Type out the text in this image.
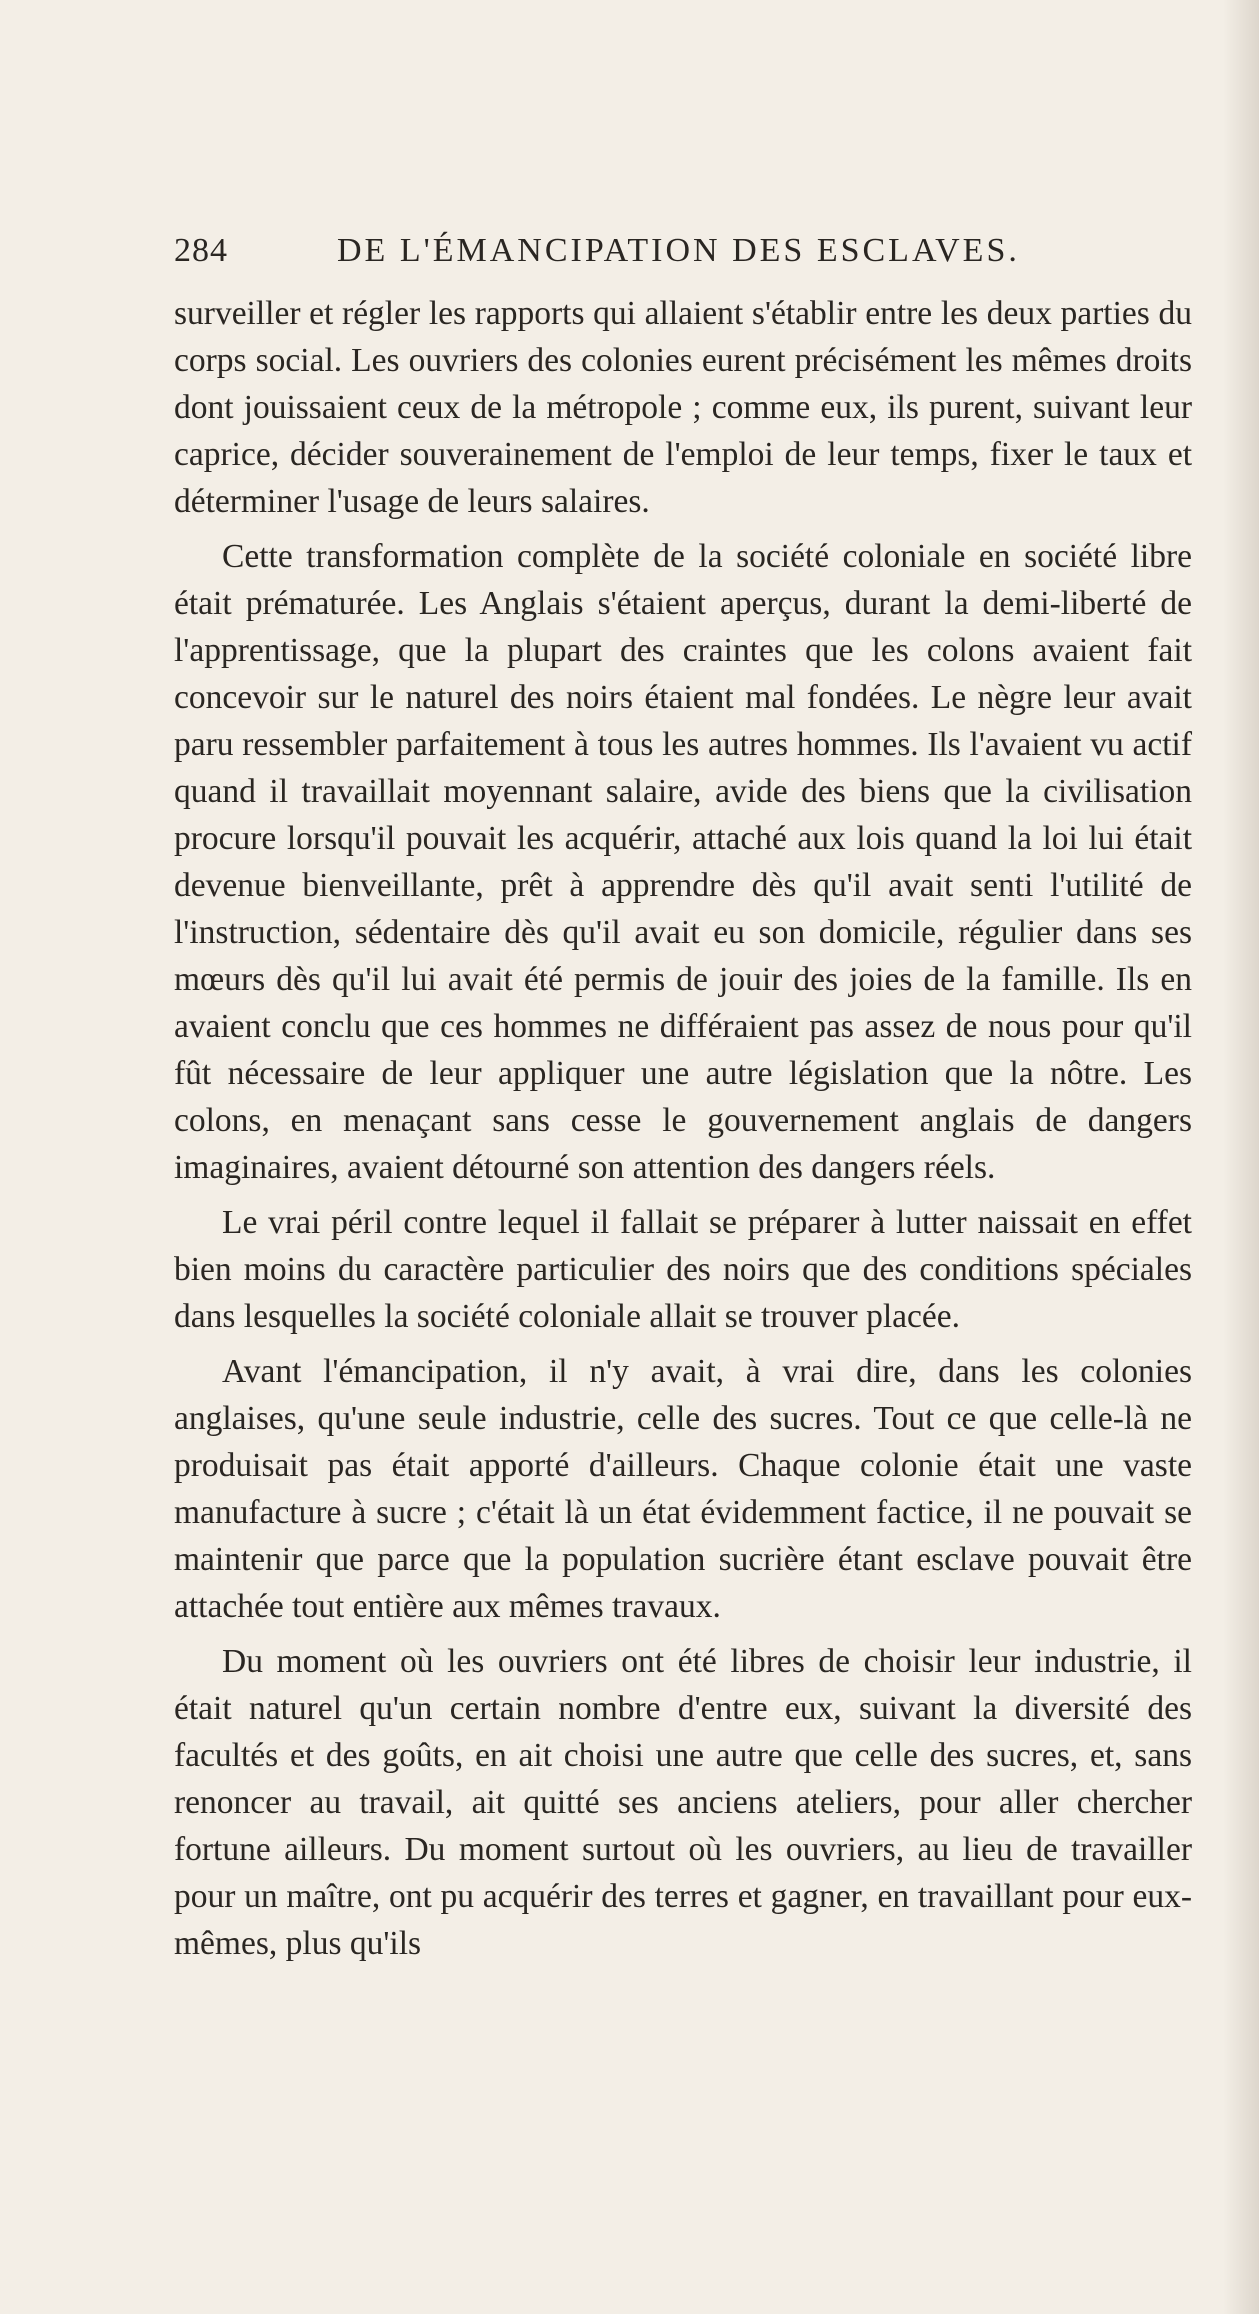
284	DE L'ÉMANCIPATION DES ESCLAVES.

surveiller et régler les rapports qui allaient s'établir entre les deux parties du corps social. Les ouvriers des colonies eurent précisément les mêmes droits dont jouissaient ceux de la métropole ; comme eux, ils purent, suivant leur caprice, décider souverainement de l'emploi de leur temps, fixer le taux et déterminer l'usage de leurs salaires.

Cette transformation complète de la société coloniale en société libre était prématurée. Les Anglais s'étaient aperçus, durant la demi-liberté de l'apprentissage, que la plupart des craintes que les colons avaient fait concevoir sur le naturel des noirs étaient mal fondées. Le nègre leur avait paru ressembler parfaitement à tous les autres hommes. Ils l'avaient vu actif quand il travaillait moyennant salaire, avide des biens que la civilisation procure lorsqu'il pouvait les acquérir, attaché aux lois quand la loi lui était devenue bienveillante, prêt à apprendre dès qu'il avait senti l'utilité de l'instruction, sédentaire dès qu'il avait eu son domicile, régulier dans ses mœurs dès qu'il lui avait été permis de jouir des joies de la famille. Ils en avaient conclu que ces hommes ne différaient pas assez de nous pour qu'il fût nécessaire de leur appliquer une autre législation que la nôtre. Les colons, en menaçant sans cesse le gouvernement anglais de dangers imaginaires, avaient détourné son attention des dangers réels.

Le vrai péril contre lequel il fallait se préparer à lutter naissait en effet bien moins du caractère particulier des noirs que des conditions spéciales dans lesquelles la société coloniale allait se trouver placée.

Avant l'émancipation, il n'y avait, à vrai dire, dans les colonies anglaises, qu'une seule industrie, celle des sucres. Tout ce que celle-là ne produisait pas était apporté d'ailleurs. Chaque colonie était une vaste manufacture à sucre ; c'était là un état évidemment factice, il ne pouvait se maintenir que parce que la population sucrière étant esclave pouvait être attachée tout entière aux mêmes travaux.

Du moment où les ouvriers ont été libres de choisir leur industrie, il était naturel qu'un certain nombre d'entre eux, suivant la diversité des facultés et des goûts, en ait choisi une autre que celle des sucres, et, sans renoncer au travail, ait quitté ses anciens ateliers, pour aller chercher fortune ailleurs. Du moment surtout où les ouvriers, au lieu de travailler pour un maître, ont pu acquérir des terres et gagner, en travaillant pour eux-mêmes, plus qu'ils
